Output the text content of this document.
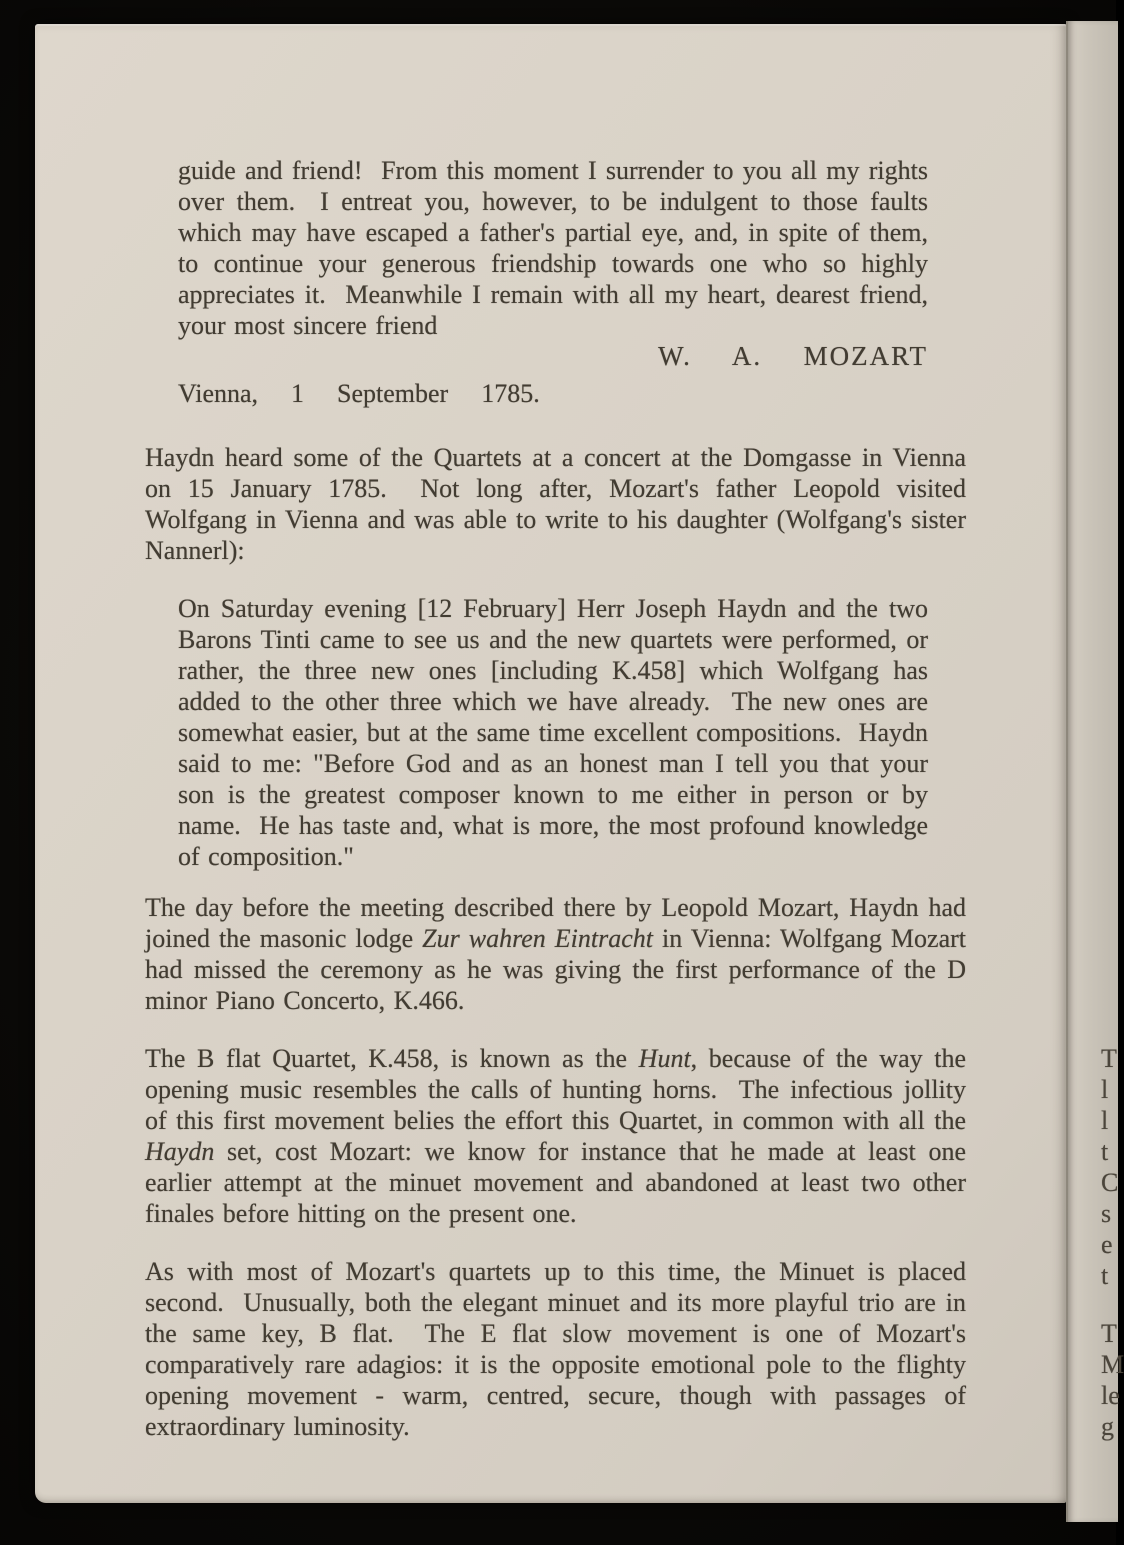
guide and friend!  From this moment I surrender to you all my rights over them.  I entreat you, however, to be indulgent to those faults which may have escaped a father's partial eye, and, in spite of them, to continue your generous friendship towards one who so highly appreciates it.  Meanwhile I remain with all my heart, dearest friend, your most sincere friend
W.  A.  MOZART
Vienna,  1  September  1785.
Haydn heard some of the Quartets at a concert at the Domgasse in Vienna on 15 January 1785.  Not long after, Mozart's father Leopold visited Wolfgang in Vienna and was able to write to his daughter (Wolfgang's sister Nannerl):
On Saturday evening [12 February] Herr Joseph Haydn and the two Barons Tinti came to see us and the new quartets were performed, or rather, the three new ones [including K.458] which Wolfgang has added to the other three which we have already.  The new ones are somewhat easier, but at the same time excellent compositions.  Haydn said to me: "Before God and as an honest man I tell you that your son is the greatest composer known to me either in person or by name.  He has taste and, what is more, the most profound knowledge of composition."
The day before the meeting described there by Leopold Mozart, Haydn had joined the masonic lodge Zur wahren Eintracht in Vienna: Wolfgang Mozart had missed the ceremony as he was giving the first performance of the D minor Piano Concerto, K.466.
The B flat Quartet, K.458, is known as the Hunt, because of the way the opening music resembles the calls of hunting horns.  The infectious jollity of this first movement belies the effort this Quartet, in common with all the Haydn set, cost Mozart: we know for instance that he made at least one earlier attempt at the minuet movement and abandoned at least two other finales before hitting on the present one.
As with most of Mozart's quartets up to this time, the Minuet is placed second.  Unusually, both the elegant minuet and its more playful trio are in the same key, B flat.  The E flat slow movement is one of Mozart's comparatively rare adagios: it is the opposite emotional pole to the flighty opening movement - warm, centred, secure, though with passages of extraordinary luminosity.
T
l
l
t
C
s
e
t
T
M
le
g
